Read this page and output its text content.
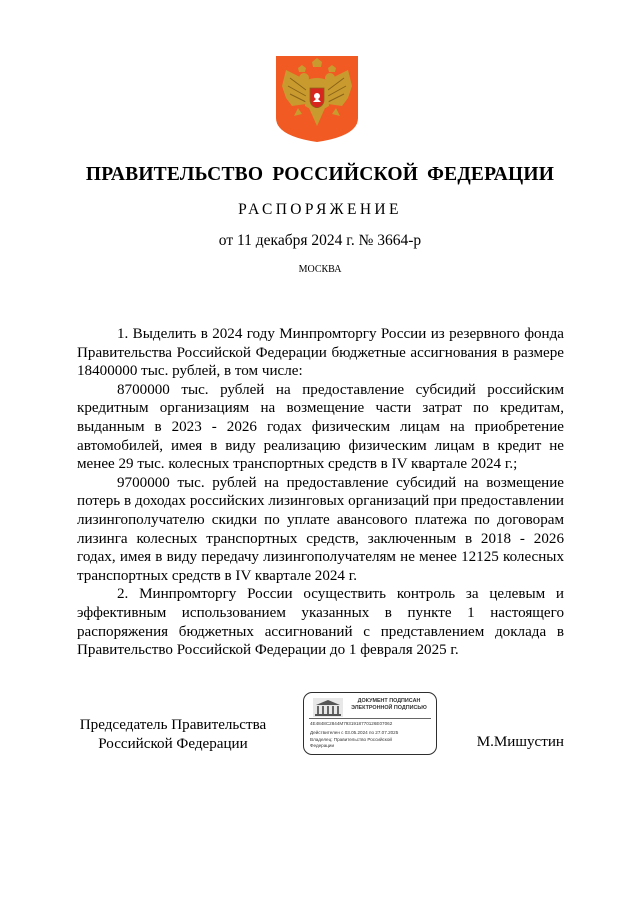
ПРАВИТЕЛЬСТВО РОССИЙСКОЙ ФЕДЕРАЦИИ
РАСПОРЯЖЕНИЕ
от 11 декабря 2024 г. № 3664-р
МОСКВА

1. Выделить в 2024 году Минпромторгу России из резервного фонда Правительства Российской Федерации бюджетные ассигнования в размере 18400000 тыс. рублей, в том числе:

8700000 тыс. рублей на предоставление субсидий российским кредитным организациям на возмещение части затрат по кредитам, выданным в 2023 - 2026 годах физическим лицам на приобретение автомобилей, имея в виду реализацию физическим лицам в кредит не менее 29 тыс. колесных транспортных средств в IV квартале 2024 г.;

9700000 тыс. рублей на предоставление субсидий на возмещение потерь в доходах российских лизинговых организаций при предоставлении лизингополучателю скидки по уплате авансового платежа по договорам лизинга колесных транспортных средств, заключенным в 2018 - 2026 годах, имея в виду передачу лизингополучателям не менее 12125 колесных транспортных средств в IV квартале 2024 г.

2. Минпромторгу России осуществить контроль за целевым и эффективным использованием указанных в пункте 1 настоящего распоряжения бюджетных ассигнований с представлением доклада в Правительство Российской Федерации до 1 февраля 2025 г.

Председатель Правительства
Российской Федерации
ДОКУМЕНТ ПОДПИСАН
ЭЛЕКТРОННОЙ ПОДПИСЬЮ
4E4848C2844M7931918770126E07062
Действителен с 03.05.2024 по 27.07.2025
Владелец: Правительство Российской
Федерации	М.Мишустин
